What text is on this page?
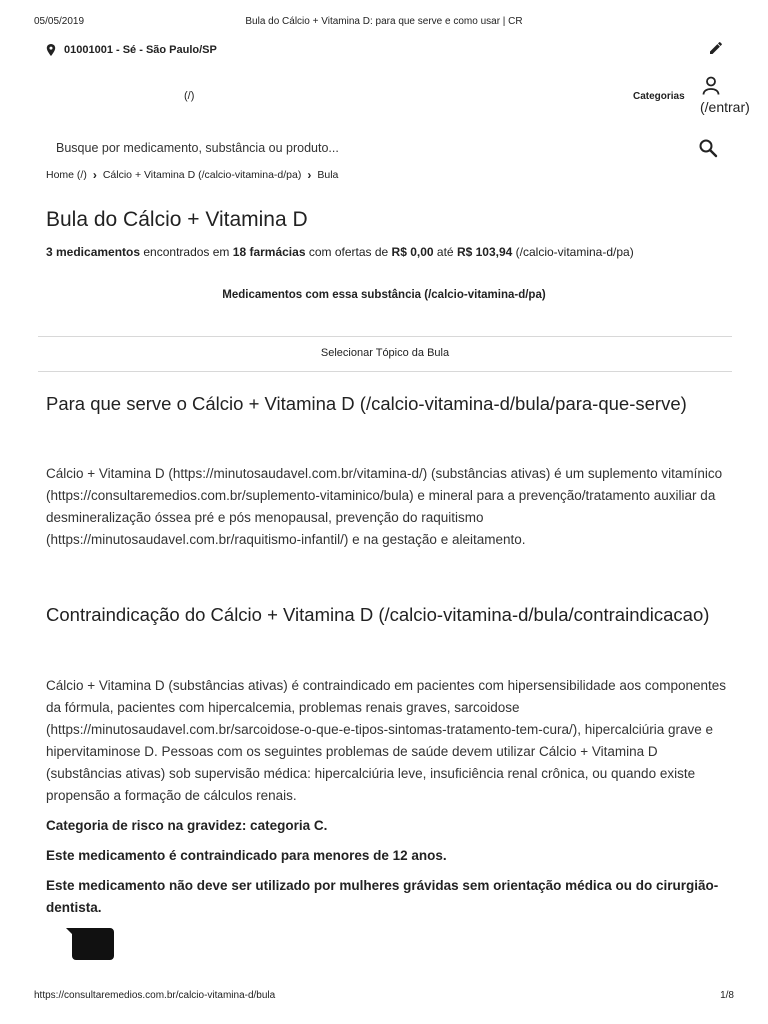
05/05/2019	Bula do Cálcio + Vitamina D: para que serve e como usar | CR
01001001 - Sé - São Paulo/SP
(/)	Categorias
(/entrar)
Busque por medicamento, substância ou produto...
Home (/) › Cálcio + Vitamina D (/calcio-vitamina-d/pa) › Bula
Bula do Cálcio + Vitamina D
3 medicamentos encontrados em 18 farmácias com ofertas de R$ 0,00 até R$ 103,94 (/calcio-vitamina-d/pa)
Medicamentos com essa substância (/calcio-vitamina-d/pa)
Selecionar Tópico da Bula
Para que serve o Cálcio + Vitamina D (/calcio-vitamina-d/bula/para-que-serve)

Cálcio + Vitamina D (https://minutosaudavel.com.br/vitamina-d/) (substâncias ativas) é um suplemento vitamínico (https://consultaremedios.com.br/suplemento-vitaminico/bula) e mineral para a prevenção/tratamento auxiliar da desmineralização óssea pré e pós menopausal, prevenção do raquitismo (https://minutosaudavel.com.br/raquitismo-infantil/) e na gestação e aleitamento.

Contraindicação do Cálcio + Vitamina D (/calcio-vitamina-d/bula/contraindicacao)

Cálcio + Vitamina D (substâncias ativas) é contraindicado em pacientes com hipersensibilidade aos componentes da fórmula, pacientes com hipercalcemia, problemas renais graves, sarcoidose (https://minutosaudavel.com.br/sarcoidose-o-que-e-tipos-sintomas-tratamento-tem-cura/), hipercalciúria grave e hipervitaminose D. Pessoas com os seguintes problemas de saúde devem utilizar Cálcio + Vitamina D (substâncias ativas) sob supervisão médica: hipercalciúria leve, insuficiência renal crônica, ou quando existe propensão a formação de cálculos renais.

Categoria de risco na gravidez: categoria C.

Este medicamento é contraindicado para menores de 12 anos.

Este medicamento não deve ser utilizado por mulheres grávidas sem orientação médica ou do cirurgião-dentista.

https://consultaremedios.com.br/calcio-vitamina-d/bula	1/8
